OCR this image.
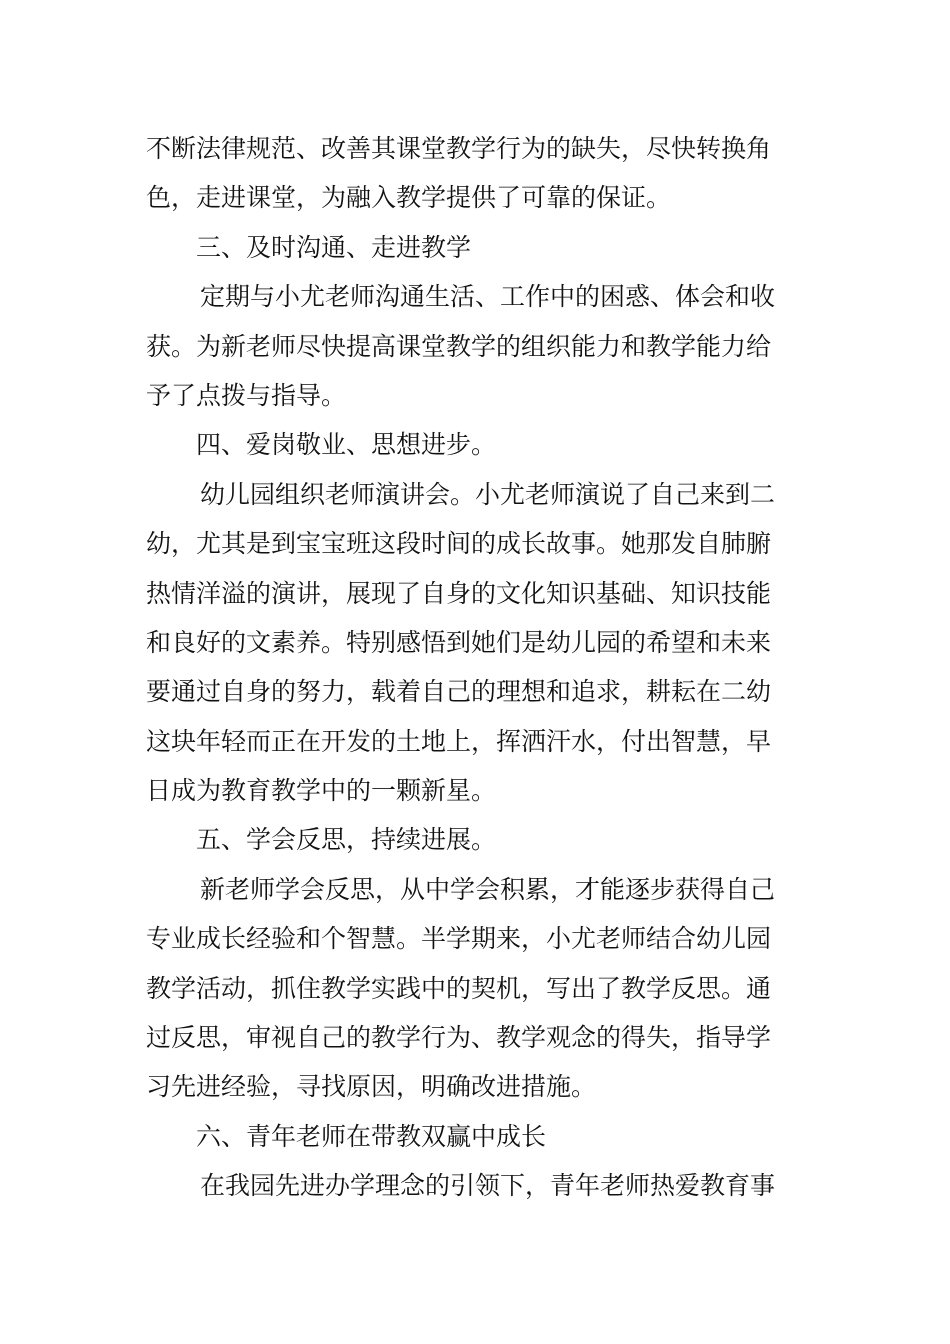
不断法律规范、改善其课堂教学行为的缺失，尽快转换角
色，走进课堂，为融入教学提供了可靠的保证。
三、及时沟通、走进教学
定期与小尤老师沟通生活、工作中的困惑、体会和收
获。为新老师尽快提高课堂教学的组织能力和教学能力给
予了点拨与指导。
四、爱岗敬业、思想进步。
幼儿园组织老师演讲会。小尤老师演说了自己来到二
幼，尤其是到宝宝班这段时间的成长故事。她那发自肺腑
热情洋溢的演讲，展现了自身的文化知识基础、知识技能
和良好的文素养。特别感悟到她们是幼儿园的希望和未来
要通过自身的努力，载着自己的理想和追求，耕耘在二幼
这块年轻而正在开发的土地上，挥洒汗水，付出智慧，早
日成为教育教学中的一颗新星。
五、学会反思，持续进展。
新老师学会反思，从中学会积累，才能逐步获得自己
专业成长经验和个智慧。半学期来，小尤老师结合幼儿园
教学活动，抓住教学实践中的契机，写出了教学反思。通
过反思，审视自己的教学行为、教学观念的得失，指导学
习先进经验，寻找原因，明确改进措施。
六、青年老师在带教双赢中成长
在我园先进办学理念的引领下，青年老师热爱教育事
